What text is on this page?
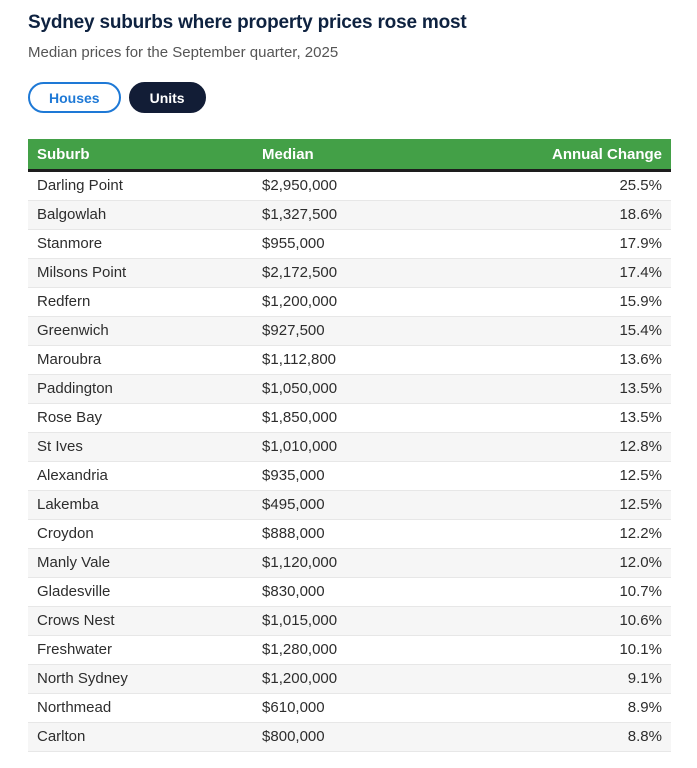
Sydney suburbs where property prices rose most

Median prices for the September quarter, 2025

Houses	Units
Suburb	Median	Annual Change
Darling Point	$2,950,000	25.5%
Balgowlah	$1,327,500	18.6%
Stanmore	$955,000	17.9%
Milsons Point	$2,172,500	17.4%
Redfern	$1,200,000	15.9%
Greenwich	$927,500	15.4%
Maroubra	$1,112,800	13.6%
Paddington	$1,050,000	13.5%
Rose Bay	$1,850,000	13.5%
St Ives	$1,010,000	12.8%
Alexandria	$935,000	12.5%
Lakemba	$495,000	12.5%
Croydon	$888,000	12.2%
Manly Vale	$1,120,000	12.0%
Gladesville	$830,000	10.7%
Crows Nest	$1,015,000	10.6%
Freshwater	$1,280,000	10.1%
North Sydney	$1,200,000	9.1%
Northmead	$610,000	8.9%
Carlton	$800,000	8.8%
